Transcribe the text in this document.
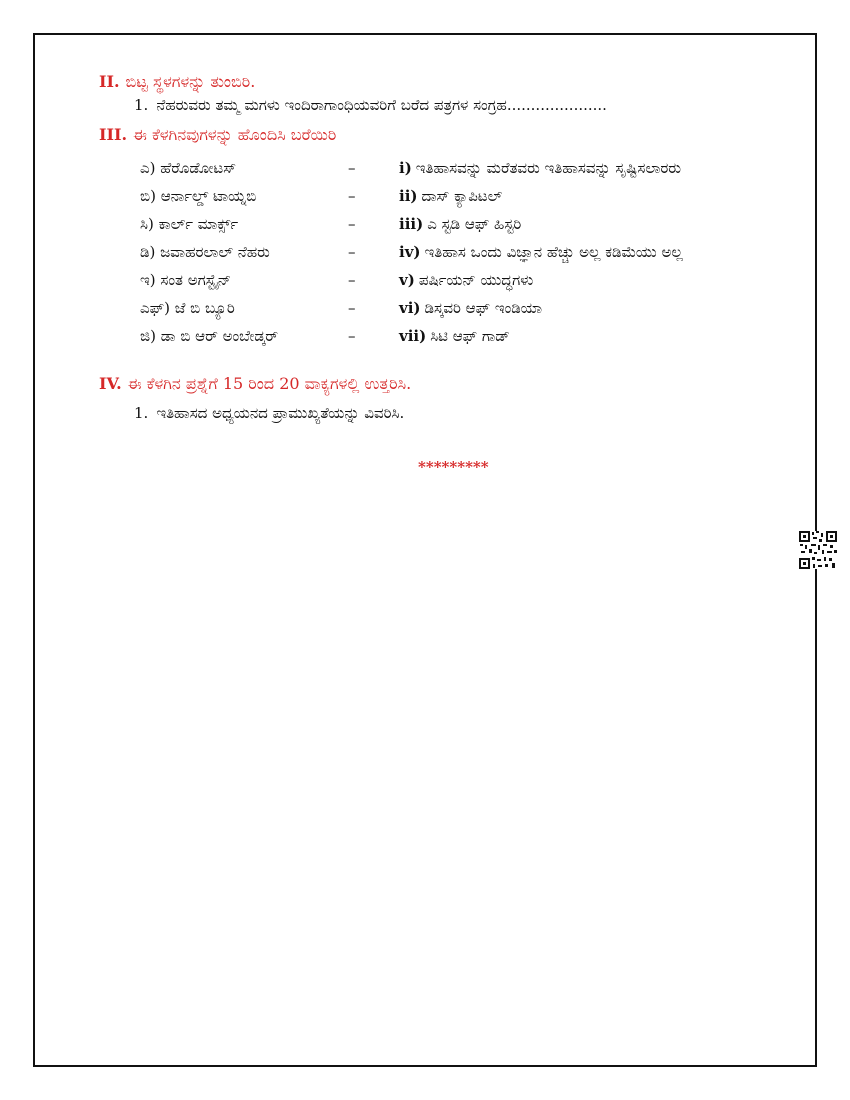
II. ಬಿಟ್ಟ ಸ್ಥಳಗಳನ್ನು ತುಂಬಿರಿ.
1. ನೆಹರುವರು ತಮ್ಮ ಮಗಳು ಇಂದಿರಾಗಾಂಧಿಯವರಿಗೆ ಬರೆದ ಪತ್ರಗಳ ಸಂಗ್ರಹ.....................
III. ಈ ಕೆಳಗಿನವುಗಳನ್ನು ಹೊಂದಿಸಿ ಬರೆಯಿರಿ
ಎ) ಹೆರೊಡೋಟಸ್	–	i) ಇತಿಹಾಸವನ್ನು ಮರೆತವರು ಇತಿಹಾಸವನ್ನು ಸೃಷ್ಟಿಸಲಾರರು
ಬಿ) ಆರ್ನಾಲ್ಡ್ ಟಾಯ್ನಬಿ	–	ii) ದಾಸ್ ಕ್ಯಾಪಿಟಲ್
ಸಿ) ಕಾರ್ಲ್ ಮಾರ್ಕ್ಸ್	–	iii) ಎ ಸ್ಟಡಿ ಆಫ್ ಹಿಸ್ಟರಿ
ಡಿ) ಜವಾಹರಲಾಲ್ ನೆಹರು	–	iv) ಇತಿಹಾಸ ಒಂದು ವಿಜ್ಞಾನ ಹೆಚ್ಚು ಅಲ್ಲ ಕಡಿಮೆಯು ಅಲ್ಲ
ಇ) ಸಂತ ಅಗಸ್ಟೈನ್	–	v) ಪರ್ಷಿಯನ್ ಯುದ್ಧಗಳು
ಎಫ್) ಜೆ ಬಿ ಬ್ಯೂರಿ	–	vi) ಡಿಸ್ಕವರಿ ಆಫ್ ಇಂಡಿಯಾ
ಜಿ) ಡಾ ಬಿ ಆರ್ ಅಂಬೇಡ್ಕರ್	–	vii) ಸಿಟಿ ಆಫ್ ಗಾಡ್
IV. ಈ ಕೆಳಗಿನ ಪ್ರಶ್ನೆಗೆ 15 ರಿಂದ 20 ವಾಕ್ಯಗಳಲ್ಲಿ ಉತ್ತರಿಸಿ.
1. ಇತಿಹಾಸದ ಅಧ್ಯಯನದ ಪ್ರಾಮುಖ್ಯತೆಯನ್ನು ವಿವರಿಸಿ.
*********
